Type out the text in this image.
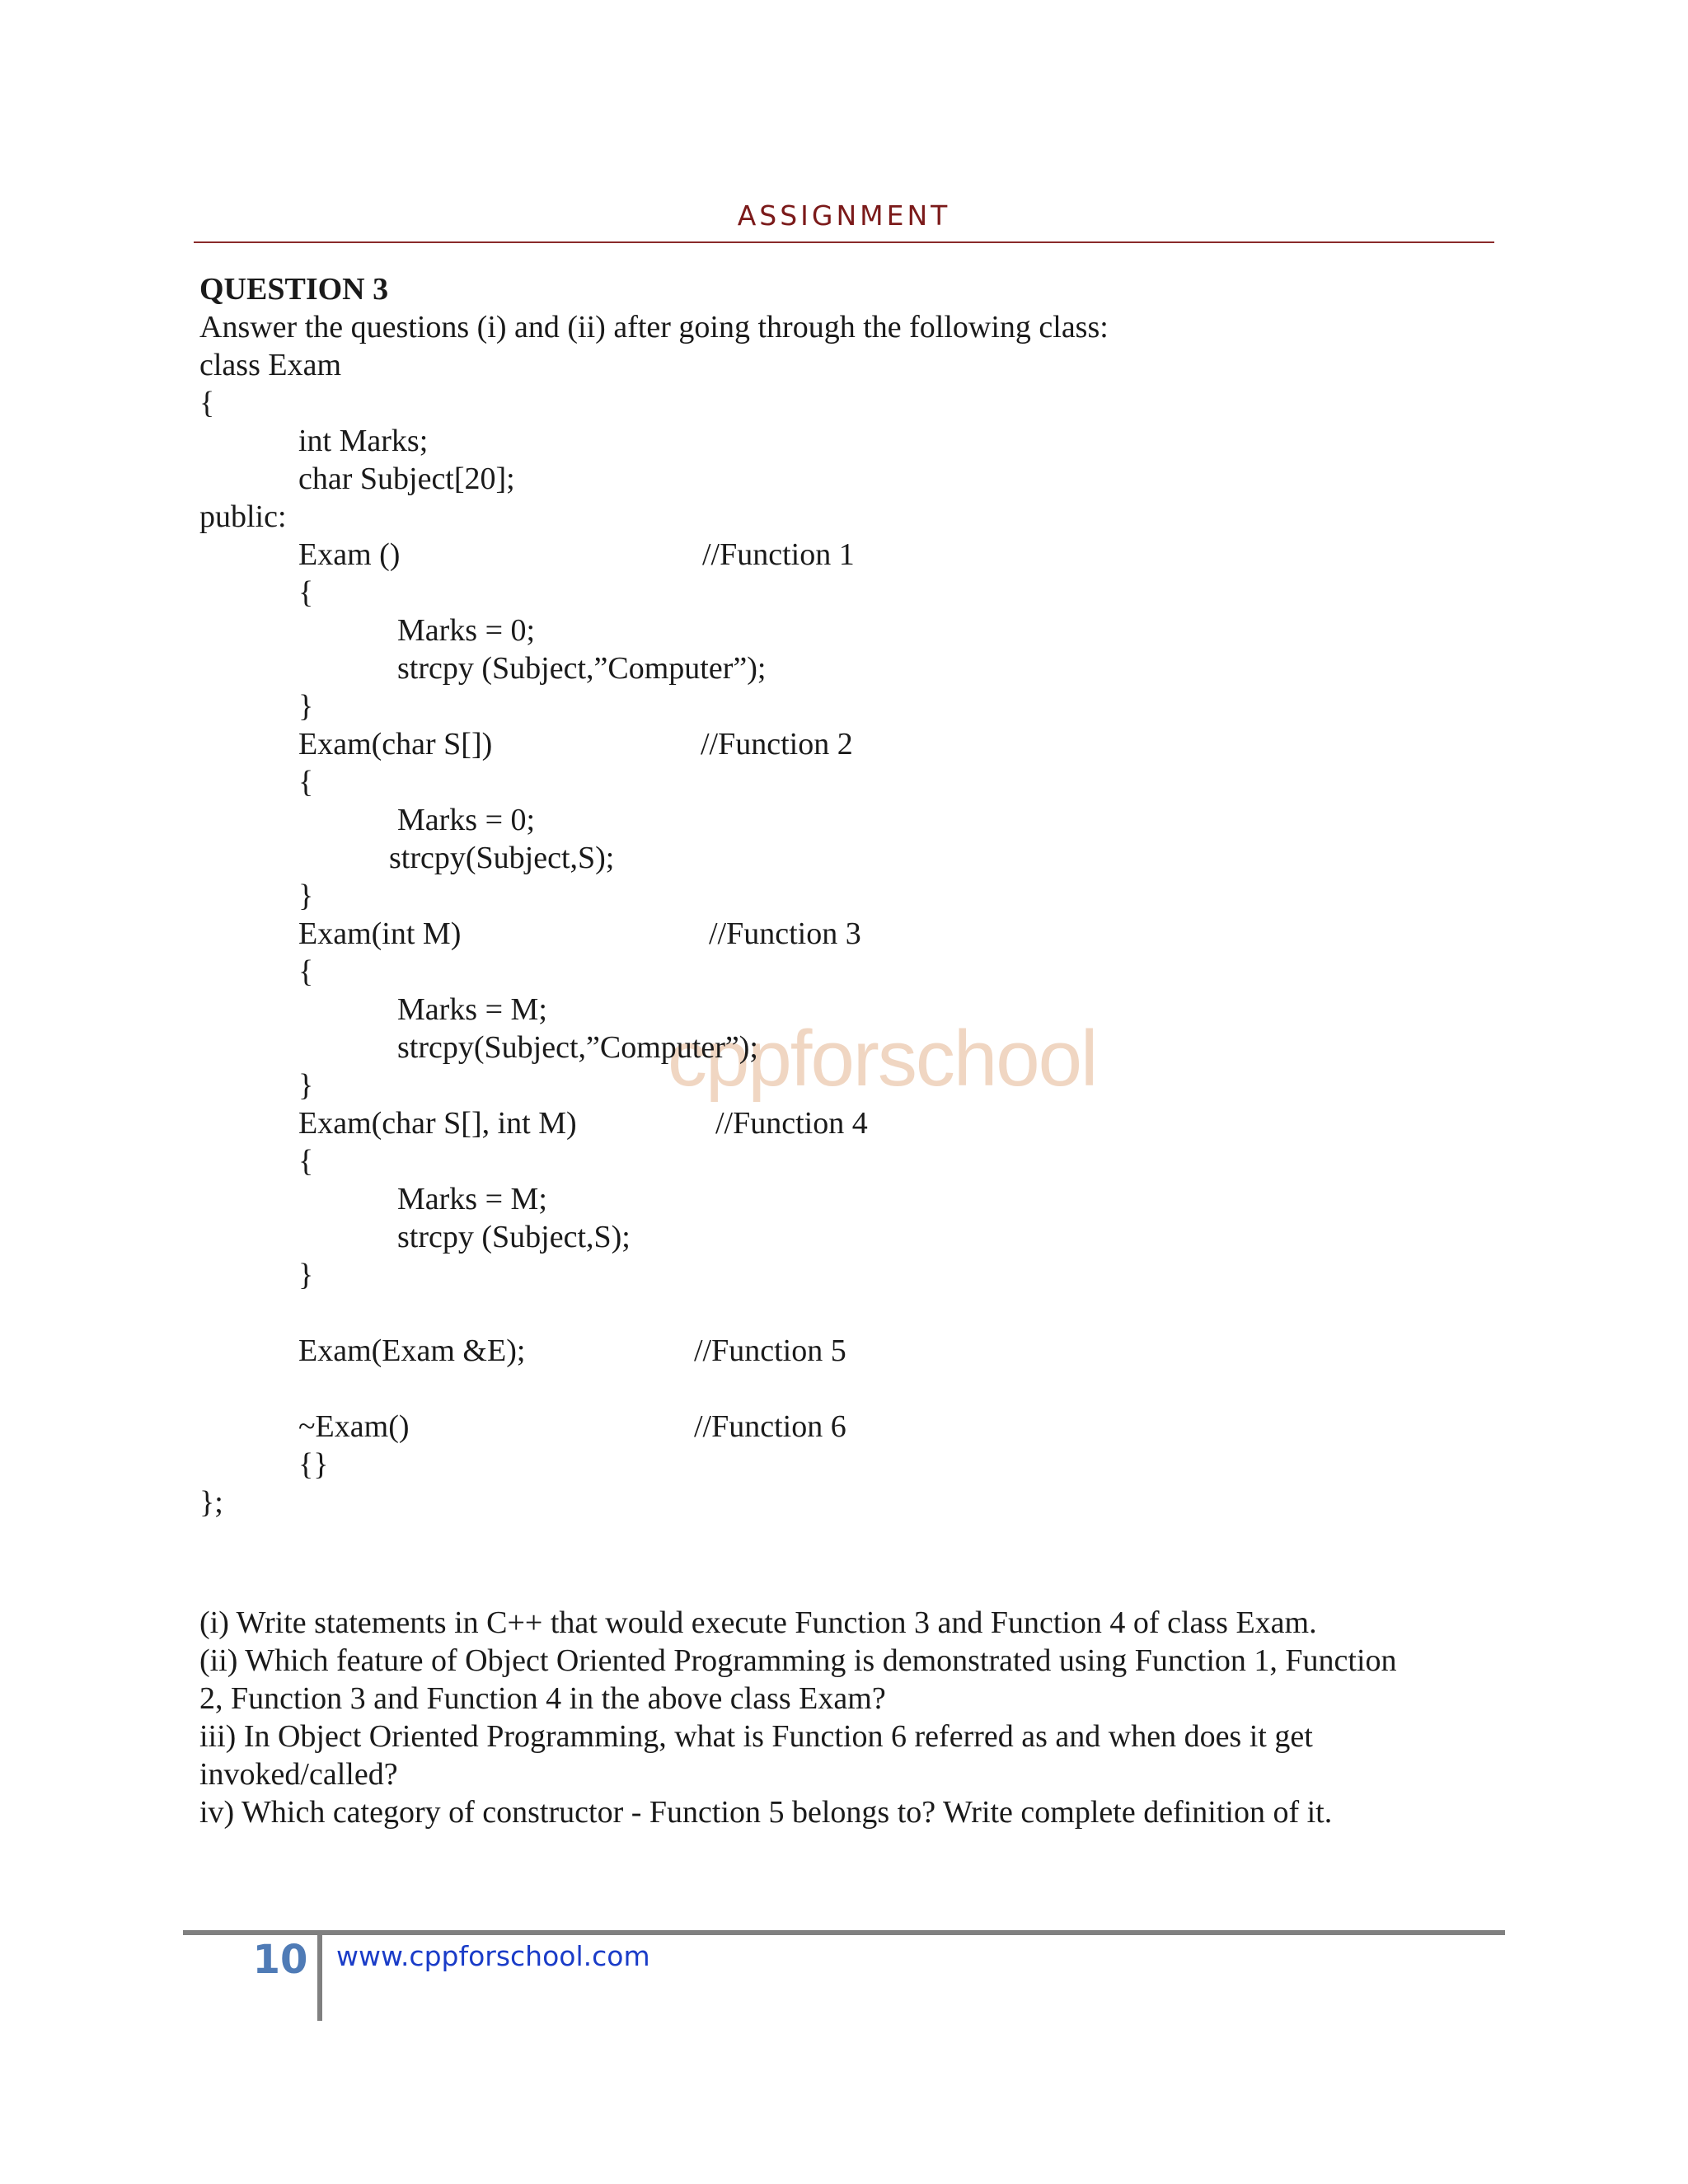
ASSIGNMENT
cppforschool
QUESTION 3
Answer the questions (i) and (ii) after going through the following class:
class Exam
{
int Marks;
char Subject[20];
public:

Exam ()

	//Function 1

{
Marks = 0;
strcpy (Subject,”Computer”);
}

Exam(char S[])

	//Function 2

{
Marks = 0;
strcpy(Subject,S);
}

Exam(int M)

	//Function 3

{
Marks = M;
strcpy(Subject,”Computer”);
}

Exam(char S[], int M)

	//Function 4

{
Marks = M;
strcpy (Subject,S);
}

Exam(Exam &E);

	//Function 5

~Exam()

	//Function 6

{}
};
(i) Write statements in C++ that would execute Function 3 and Function 4 of class Exam.
(ii) Which feature of Object Oriented Programming is demonstrated using Function 1, Function
2, Function 3 and Function 4 in the above class Exam?
iii) In Object Oriented Programming, what is Function 6 referred as and when does it get
invoked/called?
iv) Which category of constructor - Function 5 belongs to? Write complete definition of it.
10 www.cppforschool.com
